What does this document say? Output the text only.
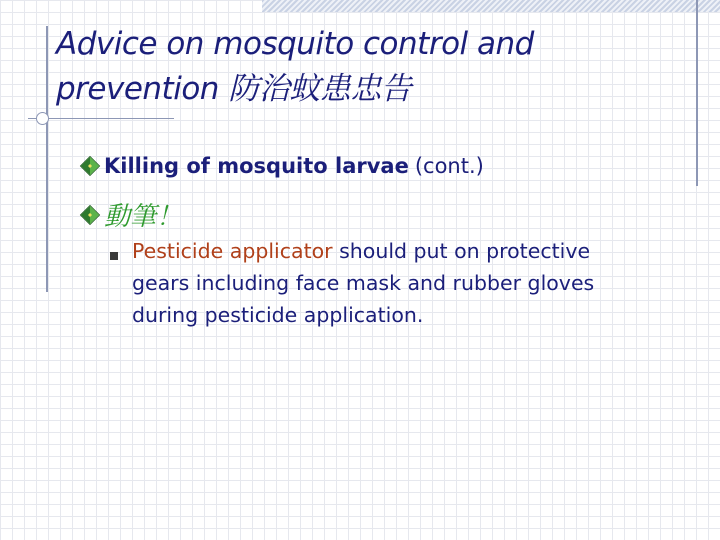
Advice on mosquito control and
prevention 防治蚊患忠告
Killing of mosquito larvae (cont.)
動筆！
Pesticide applicator should put on protective
gears including face mask and rubber gloves
during pesticide application.
